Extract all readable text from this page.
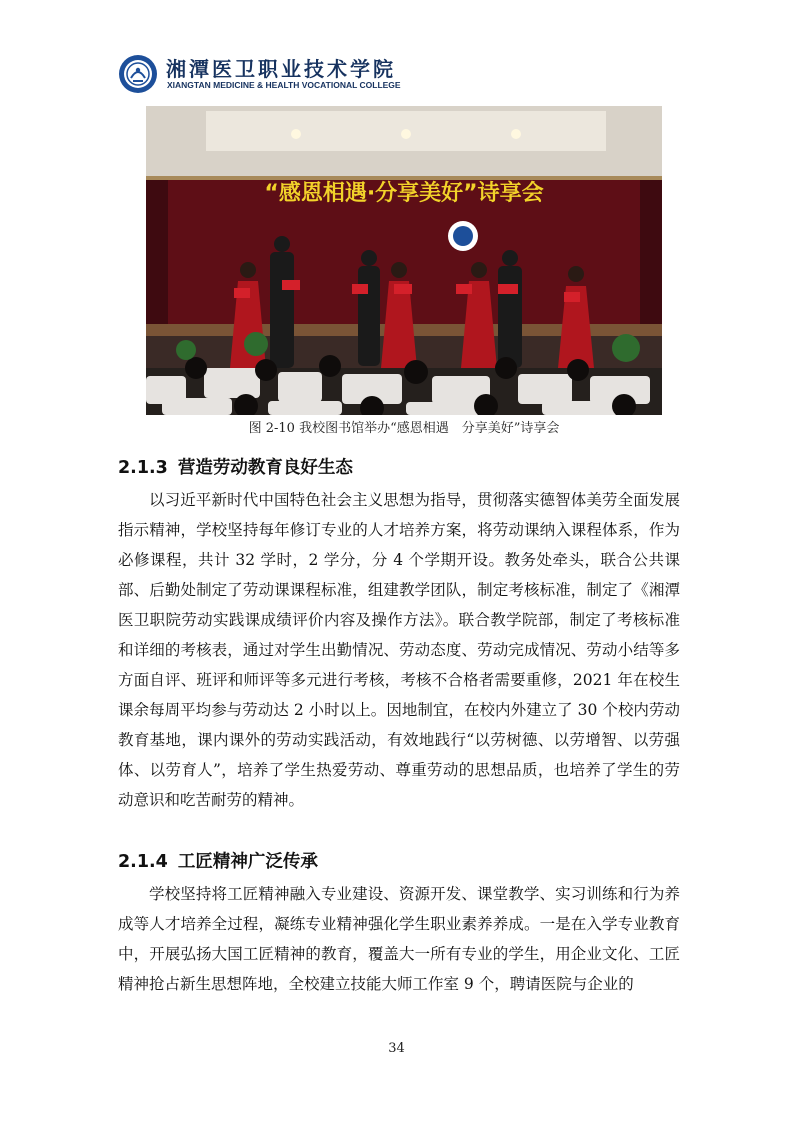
湘潭医卫职业技术学院
XIANGTAN MEDICINE & HEALTH VOCATIONAL COLLEGE
“感恩相遇·分享美好”诗享会
图 2-10 我校图书馆举办“感恩相遇　分享美好”诗享会
2.1.3 营造劳动教育良好生态

以习近平新时代中国特色社会主义思想为指导，贯彻落实德智体美劳全面发展指示精神，学校坚持每年修订专业的人才培养方案，将劳动课纳入课程体系，作为必修课程，共计 32 学时，2 学分，分 4 个学期开设。教务处牵头，联合公共课部、后勤处制定了劳动课课程标准，组建教学团队，制定考核标准，制定了《湘潭医卫职院劳动实践课成绩评价内容及操作方法》。联合教学院部，制定了考核标准和详细的考核表，通过对学生出勤情况、劳动态度、劳动完成情况、劳动小结等多方面自评、班评和师评等多元进行考核，考核不合格者需要重修，2021 年在校生课余每周平均参与劳动达 2 小时以上。因地制宜，在校内外建立了 30 个校内劳动教育基地，课内课外的劳动实践活动，有效地践行“以劳树德、以劳增智、以劳强体、以劳育人”，培养了学生热爱劳动、尊重劳动的思想品质，也培养了学生的劳动意识和吃苦耐劳的精神。

2.1.4 工匠精神广泛传承

学校坚持将工匠精神融入专业建设、资源开发、课堂教学、实习训练和行为养成等人才培养全过程，凝练专业精神强化学生职业素养养成。一是在入学专业教育中，开展弘扬大国工匠精神的教育，覆盖大一所有专业的学生，用企业文化、工匠精神抢占新生思想阵地，全校建立技能大师工作室 9 个，聘请医院与企业的

34
